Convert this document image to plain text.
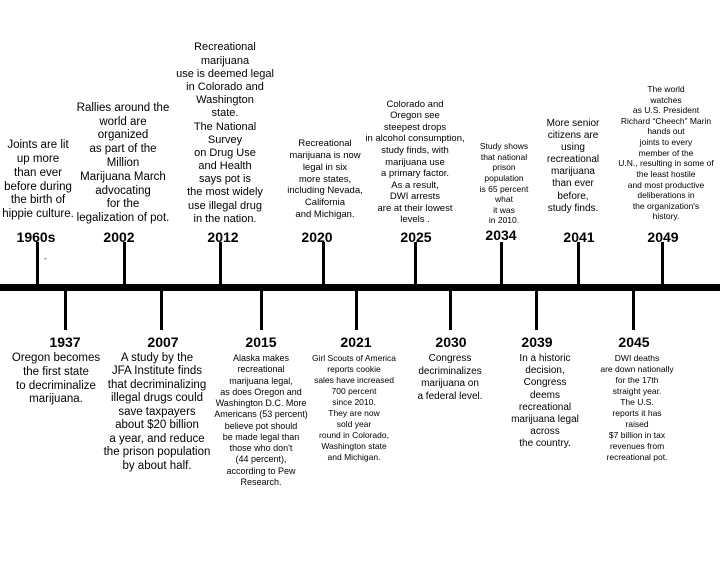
-
Joints are lit
up more
than ever
before during
the birth of
hippie culture.
1960s
Rallies around the
world are
organized
as part of the
Million
Marijuana March
advocating
for the
legalization of pot.
2002
Recreational
marijuana
use is deemed legal
in Colorado and
Washington
state.
The National
Survey
on Drug Use
and Health
says pot is
the most widely
use illegal drug
in the nation.
2012
Recreational
marijuana is now
legal in six
more states,
including Nevada,
California
and Michigan.
2020
Colorado and
Oregon see
steepest drops
in alcohol consumption,
study finds, with
marijuana use
a primary factor.
As a result,
DWI arrests
are at their lowest
levels .
2025
Study shows
that national
prison
population
is 65 percent
what
it was
in 2010.
2034
More senior
citizens are
using
recreational
marijuana
than ever
before,
study finds.
2041
The world
watches
as U.S. President
Richard “Cheech” Marin
hands out
joints to every
member of the
U.N., resulting in some of
the least hostile
and most productive
deliberations in
the organization's
history.
2049
1937
Oregon becomes
the first state
to decriminalize
marijuana.
2007
A study by the
JFA Institute finds
that decriminalizing
illegal drugs could
save taxpayers
about $20 billion
a year, and reduce
the prison population
by about half.
2015
Alaska makes
recreational
marijuana legal,
as does Oregon and
Washington D.C. More
Americans (53 percent)
believe pot should
be made legal than
those who don't
(44 percent),
according to Pew
Research.
2021
Girl Scouts of America
reports cookie
sales have increased
700 percent
since 2010.
They are now
sold year
round in Colorado,
Washington state
and Michigan.
2030
Congress
decriminalizes
marijuana on
a federal level.
2039
In a historic
decision,
Congress
deems
recreational
marijuana legal
across
the country.
2045
DWI deaths
are down nationally
for the 17th
straight year.
The U.S.
reports it has
raised
$7 billion in tax
revenues from
recreational pot.
